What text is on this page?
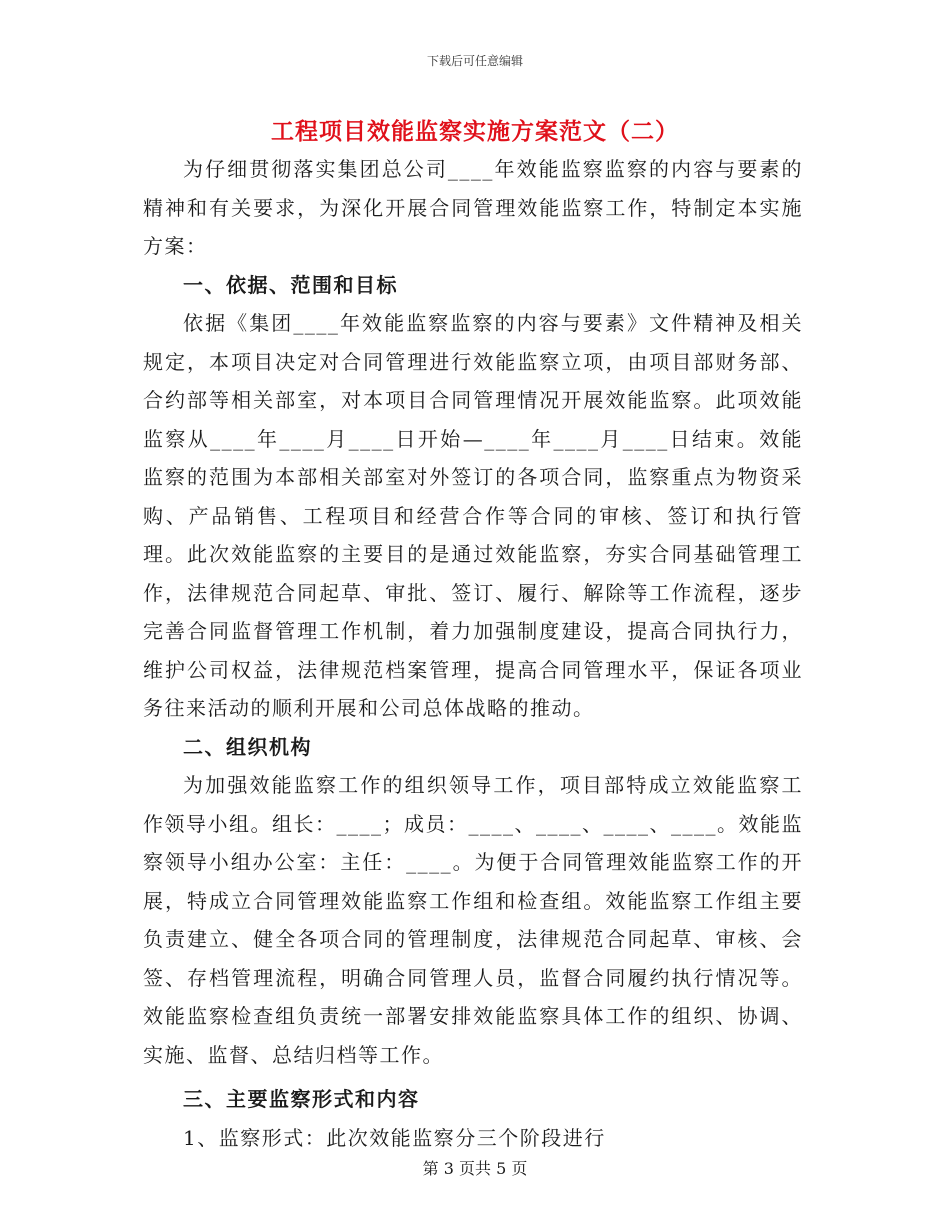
下载后可任意编辑
工程项目效能监察实施方案范文（二）

为仔细贯彻落实集团总公司____年效能监察监察的内容与要素的精神和有关要求，为深化开展合同管理效能监察工作，特制定本实施方案：

一、依据、范围和目标

依据《集团____年效能监察监察的内容与要素》文件精神及相关规定，本项目决定对合同管理进行效能监察立项，由项目部财务部、合约部等相关部室，对本项目合同管理情况开展效能监察。此项效能监察从____年____月____日开始—____年____月____日结束。效能监察的范围为本部相关部室对外签订的各项合同，监察重点为物资采购、产品销售、工程项目和经营合作等合同的审核、签订和执行管理。此次效能监察的主要目的是通过效能监察，夯实合同基础管理工作，法律规范合同起草、审批、签订、履行、解除等工作流程，逐步完善合同监督管理工作机制，着力加强制度建设，提高合同执行力，维护公司权益，法律规范档案管理，提高合同管理水平，保证各项业务往来活动的顺利开展和公司总体战略的推动。

二、组织机构

为加强效能监察工作的组织领导工作，项目部特成立效能监察工作领导小组。组长：____；成员：____、____、____、____。效能监察领导小组办公室：主任：____。为便于合同管理效能监察工作的开展，特成立合同管理效能监察工作组和检查组。效能监察工作组主要负责建立、健全各项合同的管理制度，法律规范合同起草、审核、会签、存档管理流程，明确合同管理人员，监督合同履约执行情况等。效能监察检查组负责统一部署安排效能监察具体工作的组织、协调、实施、监督、总结归档等工作。

三、主要监察形式和内容

1、监察形式：此次效能监察分三个阶段进行

第 3 页共 5 页
